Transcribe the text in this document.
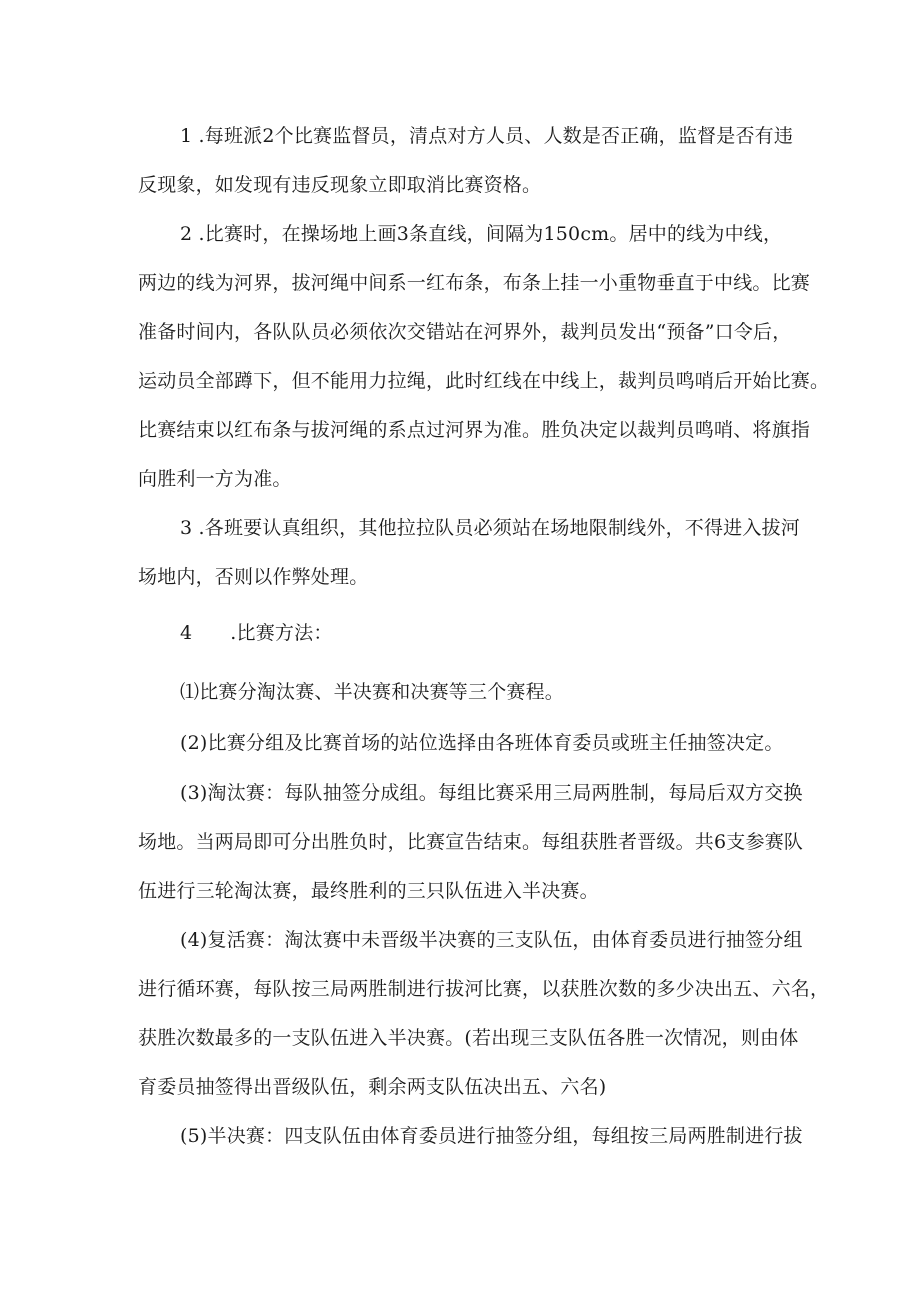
1 .每班派2个比赛监督员，清点对方人员、人数是否正确，监督是否有违
反现象，如发现有违反现象立即取消比赛资格。
2 .比赛时，在操场地上画3条直线，间隔为150cm。居中的线为中线，
两边的线为河界，拔河绳中间系一红布条，布条上挂一小重物垂直于中线。比赛
准备时间内，各队队员必须依次交错站在河界外，裁判员发出“预备”口令后，
运动员全部蹲下，但不能用力拉绳，此时红线在中线上，裁判员鸣哨后开始比赛。
比赛结束以红布条与拔河绳的系点过河界为准。胜负决定以裁判员鸣哨、将旗指
向胜利一方为准。
3 .各班要认真组织，其他拉拉队员必须站在场地限制线外，不得进入拔河
场地内，否则以作弊处理。
4 .比赛方法：
⑴比赛分淘汰赛、半决赛和决赛等三个赛程。
(2)比赛分组及比赛首场的站位选择由各班体育委员或班主任抽签决定。
(3)淘汰赛：每队抽签分成组。每组比赛采用三局两胜制，每局后双方交换
场地。当两局即可分出胜负时，比赛宣告结束。每组获胜者晋级。共6支参赛队
伍进行三轮淘汰赛，最终胜利的三只队伍进入半决赛。
(4)复活赛：淘汰赛中未晋级半决赛的三支队伍，由体育委员进行抽签分组
进行循环赛，每队按三局两胜制进行拔河比赛，以获胜次数的多少决出五、六名，
获胜次数最多的一支队伍进入半决赛。(若出现三支队伍各胜一次情况，则由体
育委员抽签得出晋级队伍，剩余两支队伍决出五、六名)
(5)半决赛：四支队伍由体育委员进行抽签分组，每组按三局两胜制进行拔
